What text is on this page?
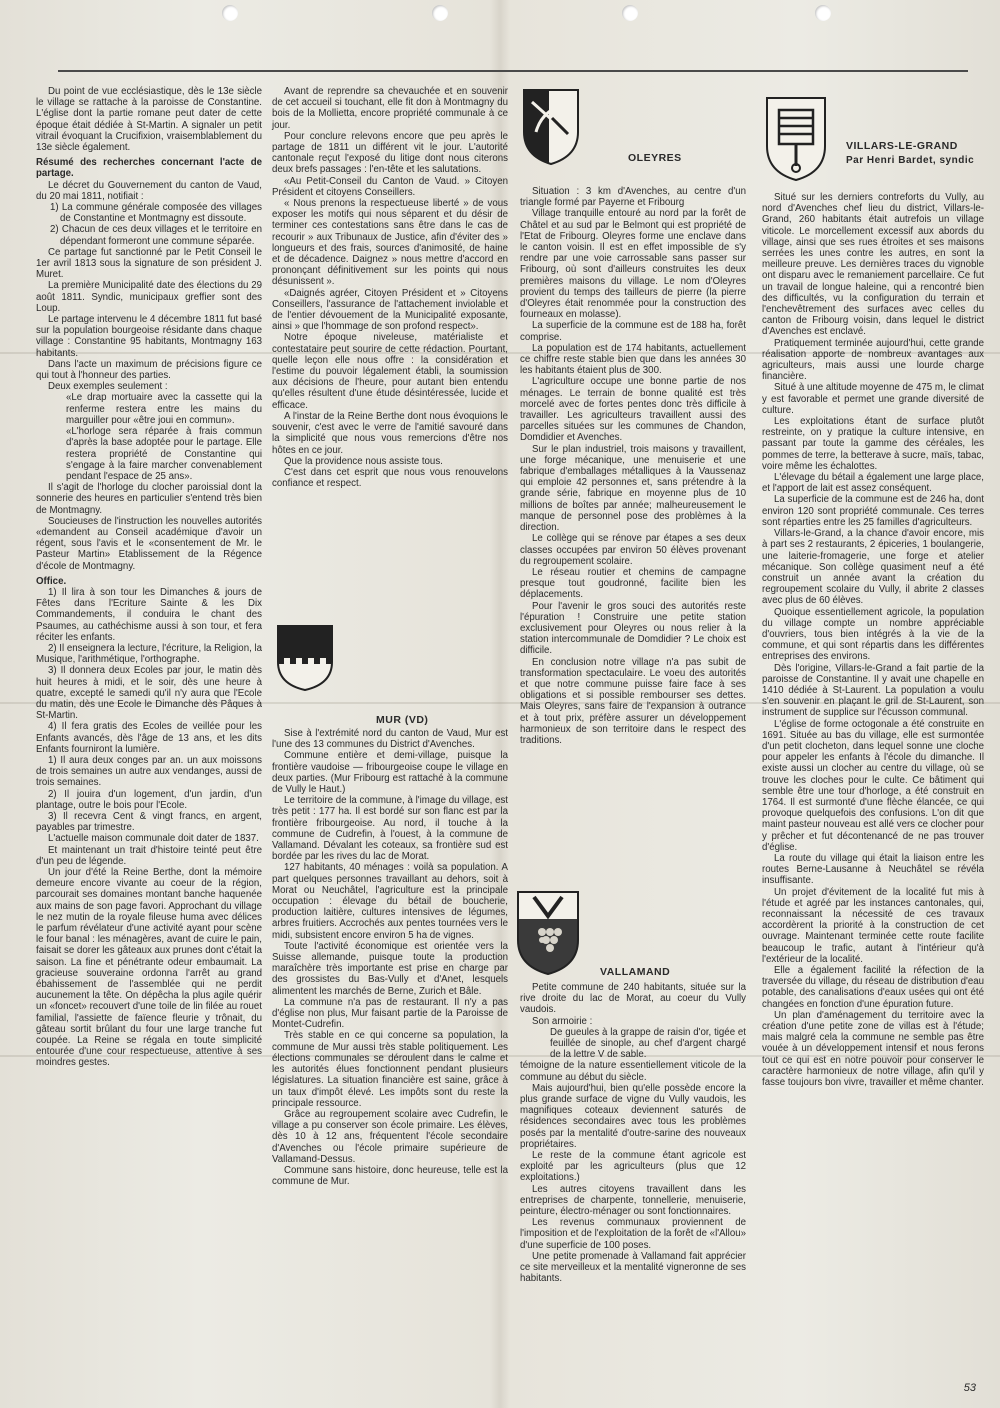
Du point de vue ecclésiastique, dès le 13e siècle le village se rattache à la paroisse de Constantine. L'église dont la partie romane peut dater de cette époque était dédiée à St-Martin. A signaler un petit vitrail évoquant la Crucifixion, vraisemblablement du 13e siècle également.

Résumé des recherches concernant l'acte de partage.

Le décret du Gouvernement du canton de Vaud, du 20 mai 1811, notifiait :

1) La commune générale composée des villages de Constantine et Montmagny est dissoute.

2) Chacun de ces deux villages et le territoire en dépendant formeront une commune séparée.

Ce partage fut sanctionné par le Petit Conseil le 1er avril 1813 sous la signature de son président J. Muret.

La première Municipalité date des élections du 29 août 1811. Syndic, municipaux greffier sont des Loup.

Le partage intervenu le 4 décembre 1811 fut basé sur la population bourgeoise résidante dans chaque village : Constantine 95 habitants, Montmagny 163 habitants.

Dans l'acte un maximum de précisions figure ce qui tout à l'honneur des parties.

Deux exemples seulement :

«Le drap mortuaire avec la cassette qui la renferme restera entre les mains du marguiller pour «être joui en commun».

«L'horloge sera réparée à frais commun d'après la base adoptée pour le partage. Elle restera propriété de Constantine qui s'engage à la faire marcher convenablement pendant l'espace de 25 ans».

Il s'agit de l'horloge du clocher paroissial dont la sonnerie des heures en particulier s'entend très bien de Montmagny.

Soucieuses de l'instruction les nouvelles autorités «demandent au Conseil académique d'avoir un régent, sous l'avis et le «consentement de Mr. le Pasteur Martin» Etablissement de la Régence d'école de Montmagny.

Office.

1) Il lira à son tour les Dimanches & jours de Fêtes dans l'Ecriture Sainte & les Dix Commandements, il conduira le chant des Psaumes, au cathéchisme aussi à son tour, et fera réciter les enfants.

2) Il enseignera la lecture, l'écriture, la Religion, la Musique, l'arithmétique, l'orthographe.

3) Il donnera deux Ecoles par jour, le matin dès huit heures à midi, et le soir, dès une heure à quatre, excepté le samedi qu'il n'y aura que l'Ecole du matin, dès une Ecole le Dimanche dès Pâques à St-Martin.

4) Il fera gratis des Ecoles de veillée pour les Enfants avancés, dès l'âge de 13 ans, et les dits Enfants fourniront la lumière.

1) Il aura deux conges par an. un aux moissons de trois semaines un autre aux vendanges, aussi de trois semaines.

2) Il jouira d'un logement, d'un jardin, d'un plantage, outre le bois pour l'Ecole.

3) Il recevra Cent & vingt francs, en argent, payables par trimestre.

L'actuelle maison communale doit dater de 1837.

Et maintenant un trait d'histoire teinté peut être d'un peu de légende.

Un jour d'été la Reine Berthe, dont la mémoire demeure encore vivante au coeur de la région, parcourait ses domaines montant banche haquenée aux mains de son page favori. Approchant du village le nez mutin de la royale fileuse huma avec délices le parfum révélateur d'une activité ayant pour scène le four banal : les ménagères, avant de cuire le pain, faisait se dorer les gâteaux aux prunes dont c'était la saison. La fine et pénétrante odeur embaumait. La gracieuse souveraine ordonna l'arrêt au grand ébahissement de l'assemblée qui ne perdit aucunement la tête. On dépêcha la plus agile quérir un «foncet» recouvert d'une toile de lin filée au rouet familial, l'assiette de faïence fleurie y trônait, du gâteau sortit brûlant du four une large tranche fut coupée. La Reine se régala en toute simplicité entourée d'une cour respectueuse, attentive à ses moindres gestes.

Avant de reprendre sa chevauchée et en souvenir de cet accueil si touchant, elle fit don à Montmagny du bois de la Mollietta, encore propriété communale à ce jour.

Pour conclure relevons encore que peu après le partage de 1811 un différent vit le jour. L'autorité cantonale reçut l'exposé du litige dont nous citerons deux brefs passages : l'en-tête et les salutations.

«Au Petit-Conseil du Canton de Vaud. » Citoyen Président et citoyens Conseillers.

« Nous prenons la respectueuse liberté » de vous exposer les motifs qui nous séparent et du désir de terminer ces contestations sans être dans le cas de recourir » aux Tribunaux de Justice, afin d'éviter des » longueurs et des frais, sources d'animosité, de haine et de décadence. Daignez » nous mettre d'accord en prononçant définitivement sur les points qui nous désunissent ».

«Daignés agréer, Citoyen Président et » Citoyens Conseillers, l'assurance de l'attachement inviolable et de l'entier dévouement de la Municipalité exposante, ainsi » que l'hommage de son profond respect».

Notre époque niveleuse, matérialiste et contestataire peut sourire de cette rédaction. Pourtant, quelle leçon elle nous offre : la considération et l'estime du pouvoir légalement établi, la soumission aux décisions de l'heure, pour autant bien entendu qu'elles résultent d'une étude désintéressée, lucide et efficace.

A l'instar de la Reine Berthe dont nous évoquions le souvenir, c'est avec le verre de l'amitié savouré dans la simplicité que nous vous remercions d'être nos hôtes en ce jour.

Que la providence nous assiste tous.

C'est dans cet esprit que nous vous renouvelons confiance et respect.

MUR (VD)

Sise à l'extrémité nord du canton de Vaud, Mur est l'une des 13 communes du District d'Avenches.

Commune entière et demi-village, puisque la frontière vaudoise — fribourgeoise coupe le village en deux parties. (Mur Fribourg est rattaché à la commune de Vully le Haut.)

Le territoire de la commune, à l'image du village, est très petit : 177 ha. Il est bordé sur son flanc est par la frontière fribourgeoise. Au nord, il touche à la commune de Cudrefin, à l'ouest, à la commune de Vallamand. Dévalant les coteaux, sa frontière sud est bordée par les rives du lac de Morat.

127 habitants, 40 ménages : voilà sa population. A part quelques personnes travaillant au dehors, soit à Morat ou Neuchâtel, l'agriculture est la principale occupation : élevage du bétail de boucherie, production laitière, cultures intensives de légumes, arbres fruitiers. Accrochés aux pentes tournées vers le midi, subsistent encore environ 5 ha de vignes.

Toute l'activité économique est orientée vers la Suisse allemande, puisque toute la production maraîchère très importante est prise en charge par des grossistes du Bas-Vully et d'Anet, lesquels alimentent les marchés de Berne, Zurich et Bâle.

La commune n'a pas de restaurant. Il n'y a pas d'église non plus, Mur faisant partie de la Paroisse de Montet-Cudrefin.

Très stable en ce qui concerne sa population, la commune de Mur aussi très stable politiquement. Les élections communales se déroulent dans le calme et les autorités élues fonctionnent pendant plusieurs législatures. La situation financière est saine, grâce à un taux d'impôt élevé. Les impôts sont du reste la principale ressource.

Grâce au regroupement scolaire avec Cudrefin, le village a pu conserver son école primaire. Les élèves, dès 10 à 12 ans, fréquentent l'école secondaire d'Avenches ou l'école primaire supérieure de Vallamand-Dessus.

Commune sans histoire, donc heureuse, telle est la commune de Mur.

OLEYRES

Situation : 3 km d'Avenches, au centre d'un triangle formé par Payerne et Fribourg

Village tranquille entouré au nord par la forêt de Châtel et au sud par le Belmont qui est propriété de l'Etat de Fribourg. Oleyres forme une enclave dans le canton voisin. Il est en effet impossible de s'y rendre par une voie carrossable sans passer sur Fribourg, où sont d'ailleurs construites les deux premières maisons du village. Le nom d'Oleyres provient du temps des tailleurs de pierre (la pierre d'Oleyres était renommée pour la construction des fourneaux en molasse).

La superficie de la commune est de 188 ha, forêt comprise.

La population est de 174 habitants, actuellement ce chiffre reste stable bien que dans les années 30 les habitants étaient plus de 300.

L'agriculture occupe une bonne partie de nos ménages. Le terrain de bonne qualité est très morcelé avec de fortes pentes donc très difficile à travailler. Les agriculteurs travaillent aussi des parcelles situées sur les communes de Chandon, Domdidier et Avenches.

Sur le plan industriel, trois maisons y travaillent, une forge mécanique, une menuiserie et une fabrique d'emballages métalliques à la Vaussenaz qui emploie 42 personnes et, sans prétendre à la grande série, fabrique en moyenne plus de 10 millions de boîtes par année; malheureusement le manque de personnel pose des problèmes à la direction.

Le collège qui se rénove par étapes a ses deux classes occupées par environ 50 élèves provenant du regroupement scolaire.

Le réseau routier et chemins de campagne presque tout goudronné, facilite bien les déplacements.

Pour l'avenir le gros souci des autorités reste l'épuration ! Construire une petite station exclusivement pour Oleyres ou nous relier à la station intercommunale de Domdidier ? Le choix est difficile.

En conclusion notre village n'a pas subit de transformation spectaculaire. Le voeu des autorités et que notre commune puisse faire face à ses obligations et si possible rembourser ses dettes. Mais Oleyres, sans faire de l'expansion à outrance et à tout prix, préfère assurer un développement harmonieux de son territoire dans le respect des traditions.

VALLAMAND

Petite commune de 240 habitants, située sur la rive droite du lac de Morat, au coeur du Vully vaudois.

Son armoirie :

De gueules à la grappe de raisin d'or, tigée et feuillée de sinople, au chef d'argent chargé de la lettre V de sable.

témoigne de la nature essentiellement viticole de la commune au début du siècle.

Mais aujourd'hui, bien qu'elle possède encore la plus grande surface de vigne du Vully vaudois, les magnifiques coteaux deviennent saturés de résidences secondaires avec tous les problèmes posés par la mentalité d'outre-sarine des nouveaux propriétaires.

Le reste de la commune étant agricole est exploité par les agriculteurs (plus que 12 exploitations.)

Les autres citoyens travaillent dans les entreprises de charpente, tonnellerie, menuiserie, peinture, électro-ménager ou sont fonctionnaires.

Les revenus communaux proviennent de l'imposition et de l'exploitation de la forêt de «l'Allou» d'une superficie de 100 poses.

Une petite promenade à Vallamand fait apprécier ce site merveilleux et la mentalité vigneronne de ses habitants.

VILLARS-LE-GRAND
Par Henri Bardet, syndic

Situé sur les derniers contreforts du Vully, au nord d'Avenches chef lieu du district, Villars-le-Grand, 260 habitants était autrefois un village viticole. Le morcellement excessif aux abords du village, ainsi que ses rues étroites et ses maisons serrées les unes contre les autres, en sont la meilleure preuve. Les dernières traces du vignoble ont disparu avec le remaniement parcellaire. Ce fut un travail de longue haleine, qui a rencontré bien des difficultés, vu la configuration du terrain et l'enchevêtrement des surfaces avec celles du canton de Fribourg voisin, dans lequel le district d'Avenches est enclavé.

Pratiquement terminée aujourd'hui, cette grande réalisation apporte de nombreux avantages aux agriculteurs, mais aussi une lourde charge financière.

Situé à une altitude moyenne de 475 m, le climat y est favorable et permet une grande diversité de culture.

Les exploitations étant de surface plutôt restreinte, on y pratique la culture intensive, en passant par toute la gamme des céréales, les pommes de terre, la betterave à sucre, maïs, tabac, voire même les échalottes.

L'élevage du bétail a également une large place, et l'apport de lait est assez conséquent.

La superficie de la commune est de 246 ha, dont environ 120 sont propriété communale. Ces terres sont réparties entre les 25 familles d'agriculteurs.

Villars-le-Grand, a la chance d'avoir encore, mis à part ses 2 restaurants, 2 épiceries, 1 boulangerie, une laiterie-fromagerie, une forge et atelier mécanique. Son collège quasiment neuf a été construit un année avant la création du regroupement scolaire du Vully, il abrite 2 classes avec plus de 60 élèves.

Quoique essentiellement agricole, la population du village compte un nombre appréciable d'ouvriers, tous bien intégrés à la vie de la commune, et qui sont répartis dans les différentes entreprises des environs.

Dès l'origine, Villars-le-Grand a fait partie de la paroisse de Constantine. Il y avait une chapelle en 1410 dédiée à St-Laurent. La population a voulu s'en souvenir en plaçant le gril de St-Laurent, son instrument de supplice sur l'écusson communal.

L'église de forme octogonale a été construite en 1691. Située au bas du village, elle est surmontée d'un petit clocheton, dans lequel sonne une cloche pour appeler les enfants à l'école du dimanche. Il existe aussi un clocher au centre du village, où se trouve les cloches pour le culte. Ce bâtiment qui semble être une tour d'horloge, a été construit en 1764. Il est surmonté d'une flèche élancée, ce qui provoque quelquefois des confusions. L'on dit que maint pasteur nouveau est allé vers ce clocher pour y prêcher et fut décontenancé de ne pas trouver d'église.

La route du village qui était la liaison entre les routes Berne-Lausanne à Neuchâtel se révéla insuffisante.

Un projet d'évitement de la localité fut mis à l'étude et agréé par les instances cantonales, qui, reconnaissant la nécessité de ces travaux accordèrent la priorité à la construction de cet ouvrage. Maintenant terminée cette route facilite beaucoup le trafic, autant à l'intérieur qu'à l'extérieur de la localité.

Elle a également facilité la réfection de la traversée du village, du réseau de distribution d'eau potable, des canalisations d'eaux usées qui ont été changées en fonction d'une épuration future.

Un plan d'aménagement du territoire avec la création d'une petite zone de villas est à l'étude; mais malgré cela la commune ne semble pas être vouée à un développement intensif et nous ferons tout ce qui est en notre pouvoir pour conserver le caractère harmonieux de notre village, afin qu'il y fasse toujours bon vivre, travailler et même chanter.

53
